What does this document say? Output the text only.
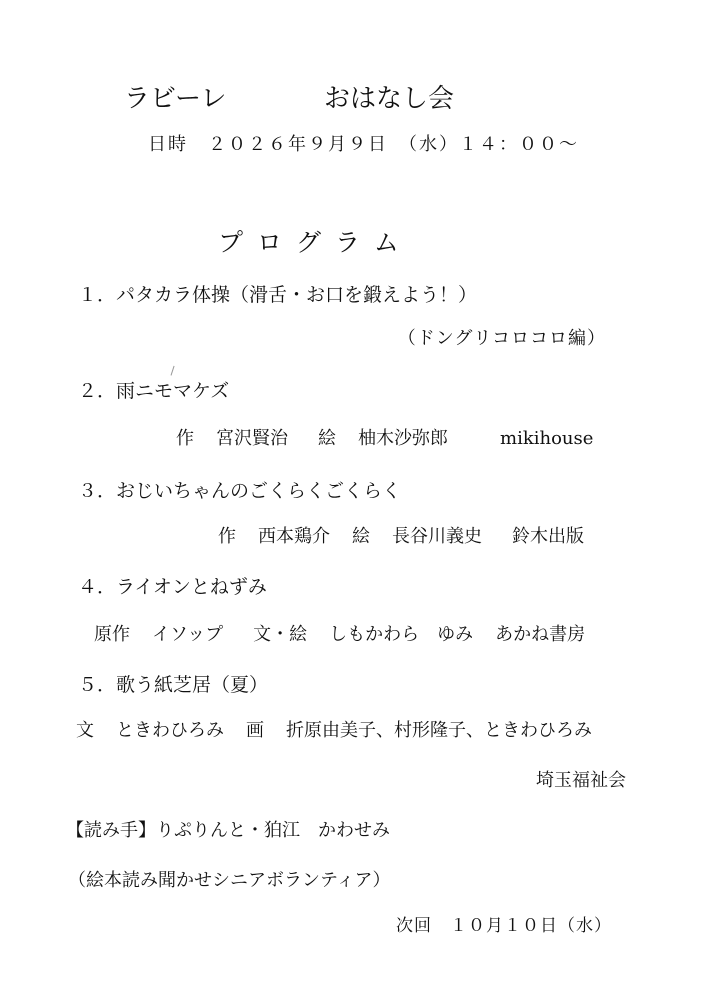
ラビーレ	おはなし会
日時　２０２６年９月９日　（水）１４：００～
プログラム
１．パタカラ体操（滑舌・お口を鍛えよう！）
（ドングリコロコロ編）
２．雨ニモマケズ
作 宮沢賢治 絵 柚木沙弥郎	mikihouse
３．おじいちゃんのごくらくごくらく
作 西本鶏介 絵 長谷川義史 鈴木出版
４．ライオンとねずみ
原作 イソップ 文・絵 しもかわら　ゆみ あかね書房
５．歌う紙芝居（夏）
文 ときわひろみ 画 折原由美子、村形隆子、ときわひろみ
埼玉福祉会
【読み手】りぷりんと・狛江　かわせみ
（絵本読み聞かせシニアボランティア）
次回　１０月１０日（水）
